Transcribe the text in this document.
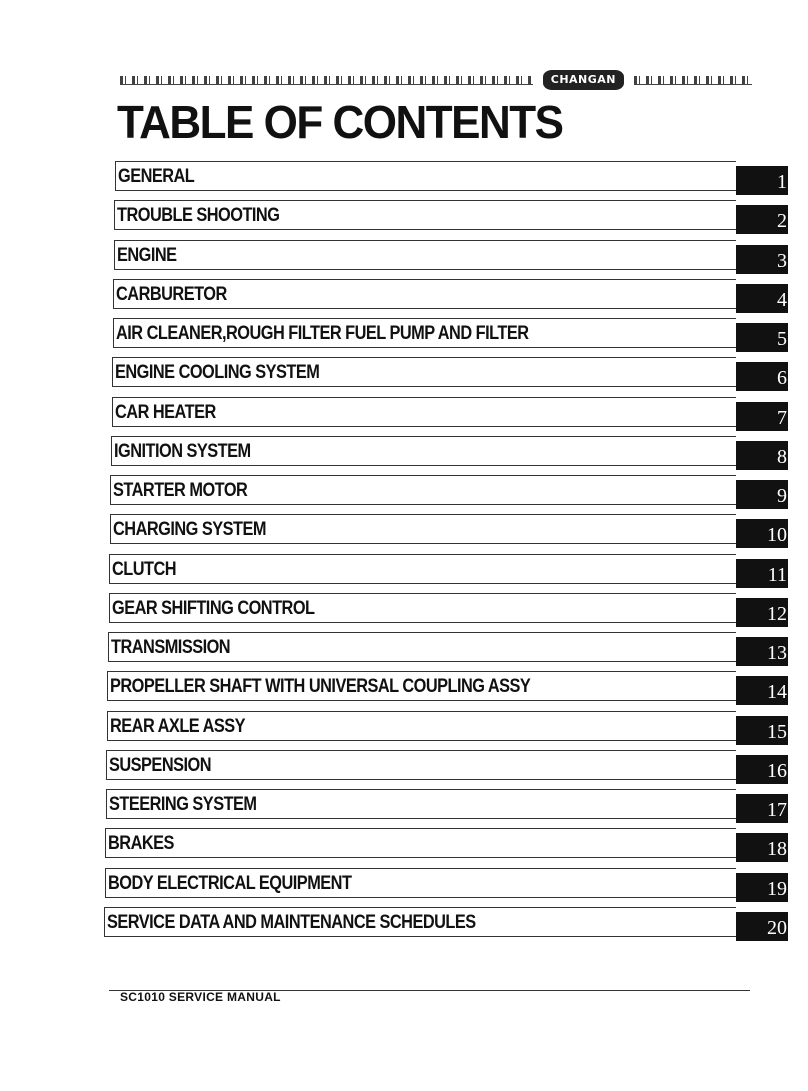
CHANGAN
TABLE OF CONTENTS
GENERAL	1
TROUBLE SHOOTING	2
ENGINE	3
CARBURETOR	4
AIR CLEANER,ROUGH FILTER FUEL PUMP AND FILTER	5
ENGINE COOLING SYSTEM	6
CAR HEATER	7
IGNITION SYSTEM	8
STARTER MOTOR	9
CHARGING SYSTEM	10
CLUTCH	11
GEAR SHIFTING CONTROL	12
TRANSMISSION	13
PROPELLER SHAFT WITH UNIVERSAL COUPLING ASSY	14
REAR AXLE ASSY	15
SUSPENSION	16
STEERING SYSTEM	17
BRAKES	18
BODY ELECTRICAL EQUIPMENT	19
SERVICE DATA AND MAINTENANCE SCHEDULES	20
SC1010 SERVICE MANUAL
